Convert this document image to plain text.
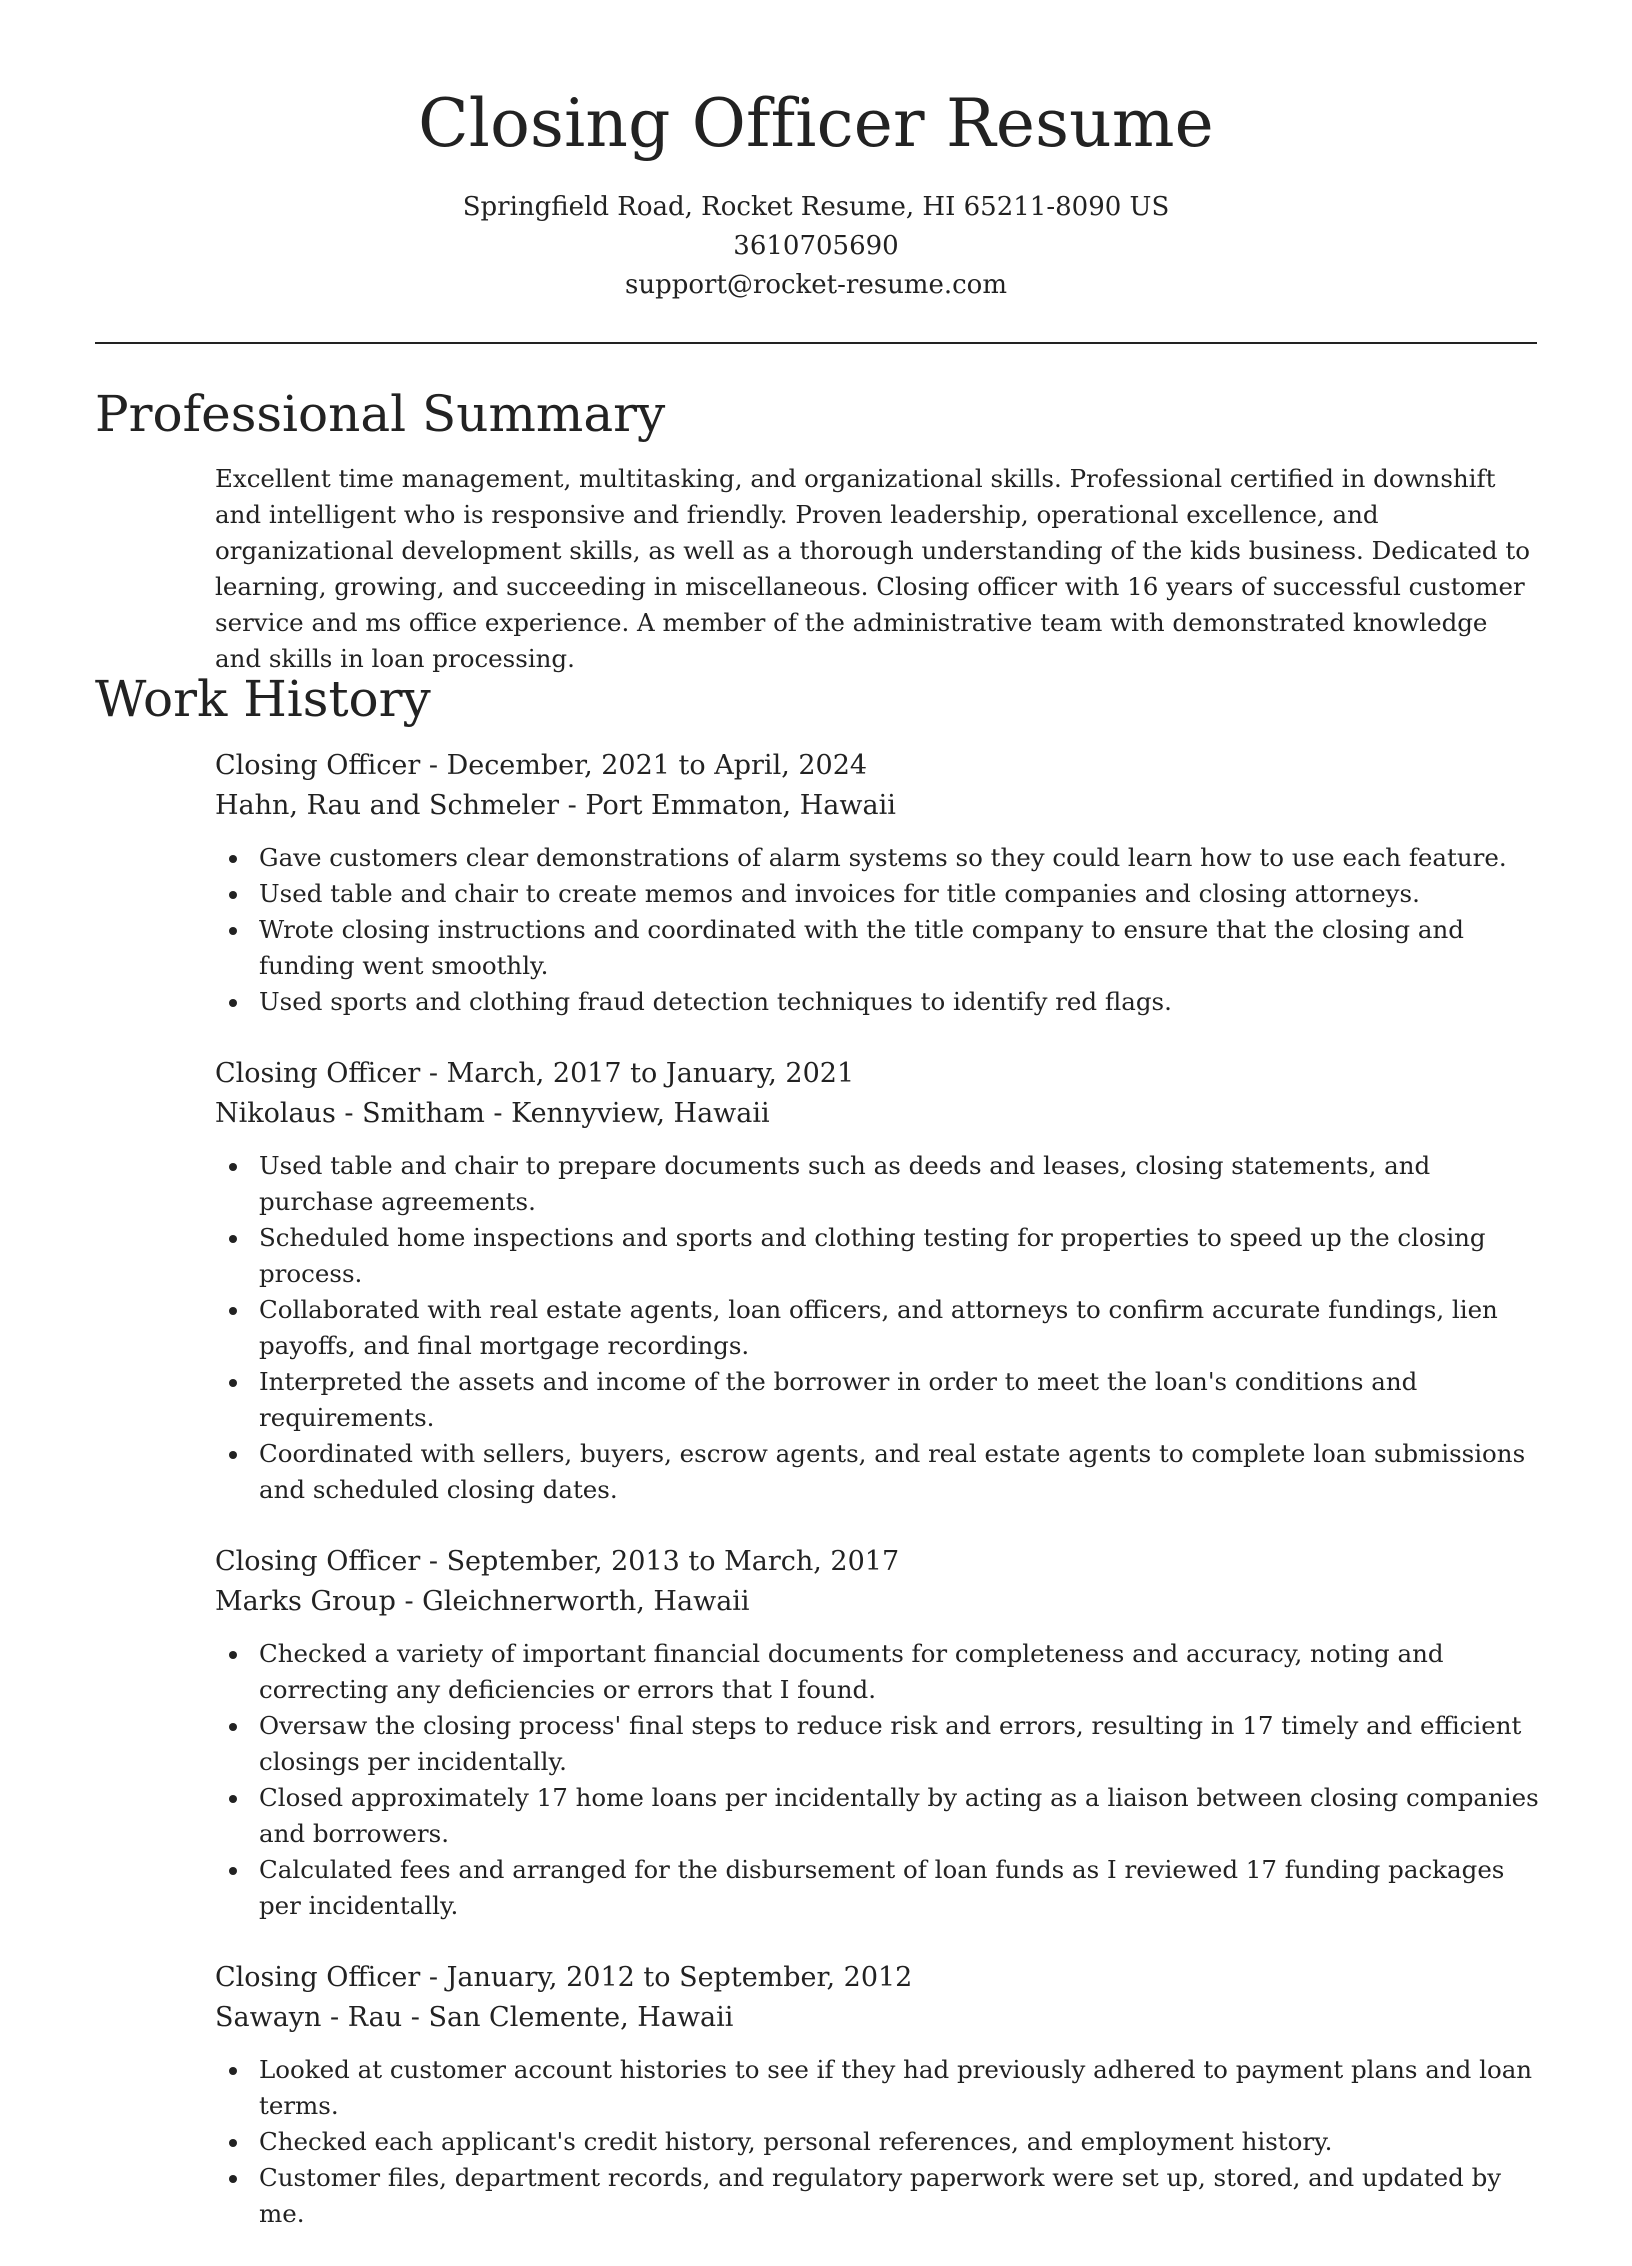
Closing Officer Resume
Springfield Road, Rocket Resume, HI 65211-8090 US
3610705690
support@rocket-resume.com
Professional Summary

Excellent time management, multitasking, and organizational skills. Professional certified in downshift and intelligent who is responsive and friendly. Proven leadership, operational excellence, and organizational development skills, as well as a thorough understanding of the kids business. Dedicated to learning, growing, and succeeding in miscellaneous. Closing officer with 16 years of successful customer service and ms office experience. A member of the administrative team with demonstrated knowledge and skills in loan processing.

Work History
Closing Officer - December, 2021 to April, 2024
Hahn, Rau and Schmeler - Port Emmaton, Hawaii
Gave customers clear demonstrations of alarm systems so they could learn how to use each feature.
Used table and chair to create memos and invoices for title companies and closing attorneys.
Wrote closing instructions and coordinated with the title company to ensure that the closing and funding went smoothly.
Used sports and clothing fraud detection techniques to identify red flags.
Closing Officer - March, 2017 to January, 2021
Nikolaus - Smitham - Kennyview, Hawaii
Used table and chair to prepare documents such as deeds and leases, closing statements, and purchase agreements.
Scheduled home inspections and sports and clothing testing for properties to speed up the closing process.
Collaborated with real estate agents, loan officers, and attorneys to confirm accurate fundings, lien payoffs, and final mortgage recordings.
Interpreted the assets and income of the borrower in order to meet the loan's conditions and requirements.
Coordinated with sellers, buyers, escrow agents, and real estate agents to complete loan submissions and scheduled closing dates.
Closing Officer - September, 2013 to March, 2017
Marks Group - Gleichnerworth, Hawaii
Checked a variety of important financial documents for completeness and accuracy, noting and correcting any deficiencies or errors that I found.
Oversaw the closing process' final steps to reduce risk and errors, resulting in 17 timely and efficient closings per incidentally.
Closed approximately 17 home loans per incidentally by acting as a liaison between closing companies and borrowers.
Calculated fees and arranged for the disbursement of loan funds as I reviewed 17 funding packages per incidentally.
Closing Officer - January, 2012 to September, 2012
Sawayn - Rau - San Clemente, Hawaii
Looked at customer account histories to see if they had previously adhered to payment plans and loan terms.
Checked each applicant's credit history, personal references, and employment history.
Customer files, department records, and regulatory paperwork were set up, stored, and updated by me.
